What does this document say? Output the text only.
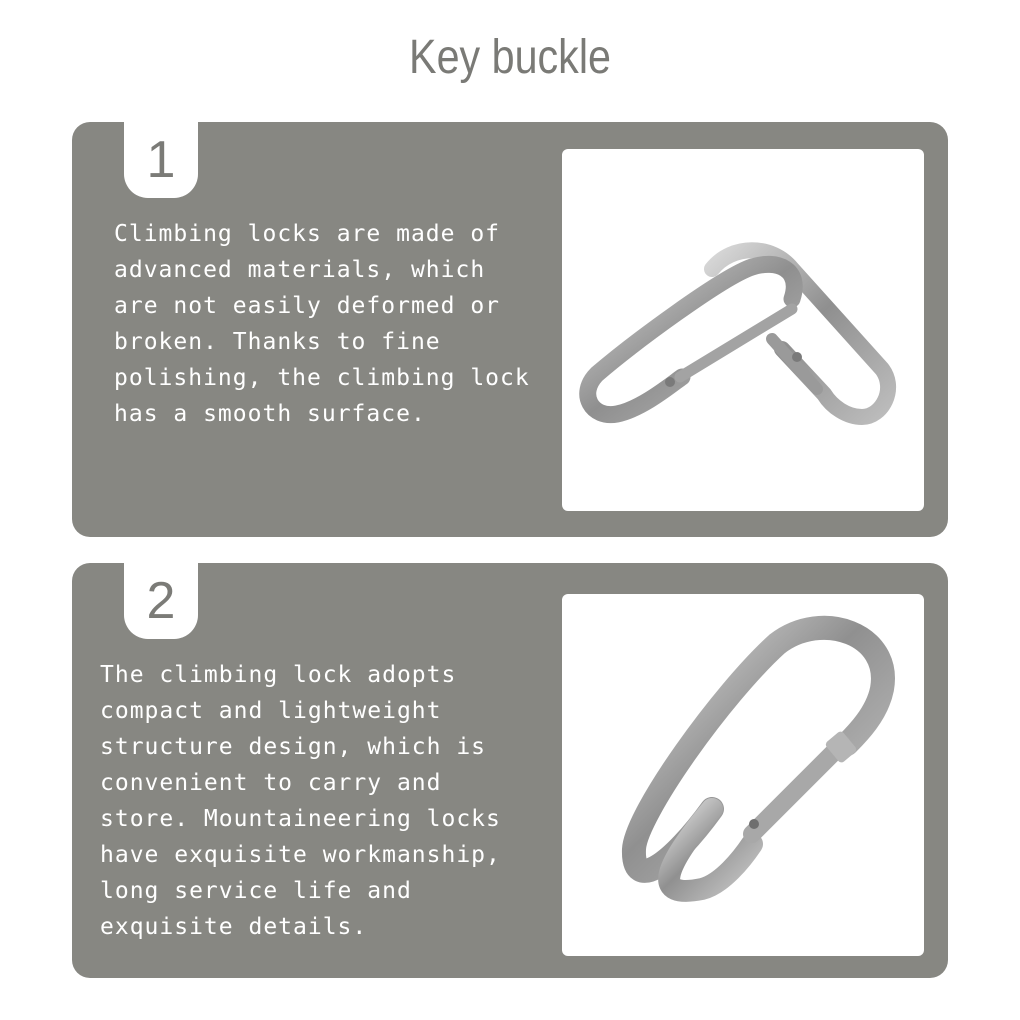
Key buckle
1
Climbing locks are made of
advanced materials, which
are not easily deformed or
broken. Thanks to fine
polishing, the climbing lock
has a smooth surface.
2
The climbing lock adopts
compact and lightweight
structure design, which is
convenient to carry and
store. Mountaineering locks
have exquisite workmanship,
long service life and
exquisite details.
